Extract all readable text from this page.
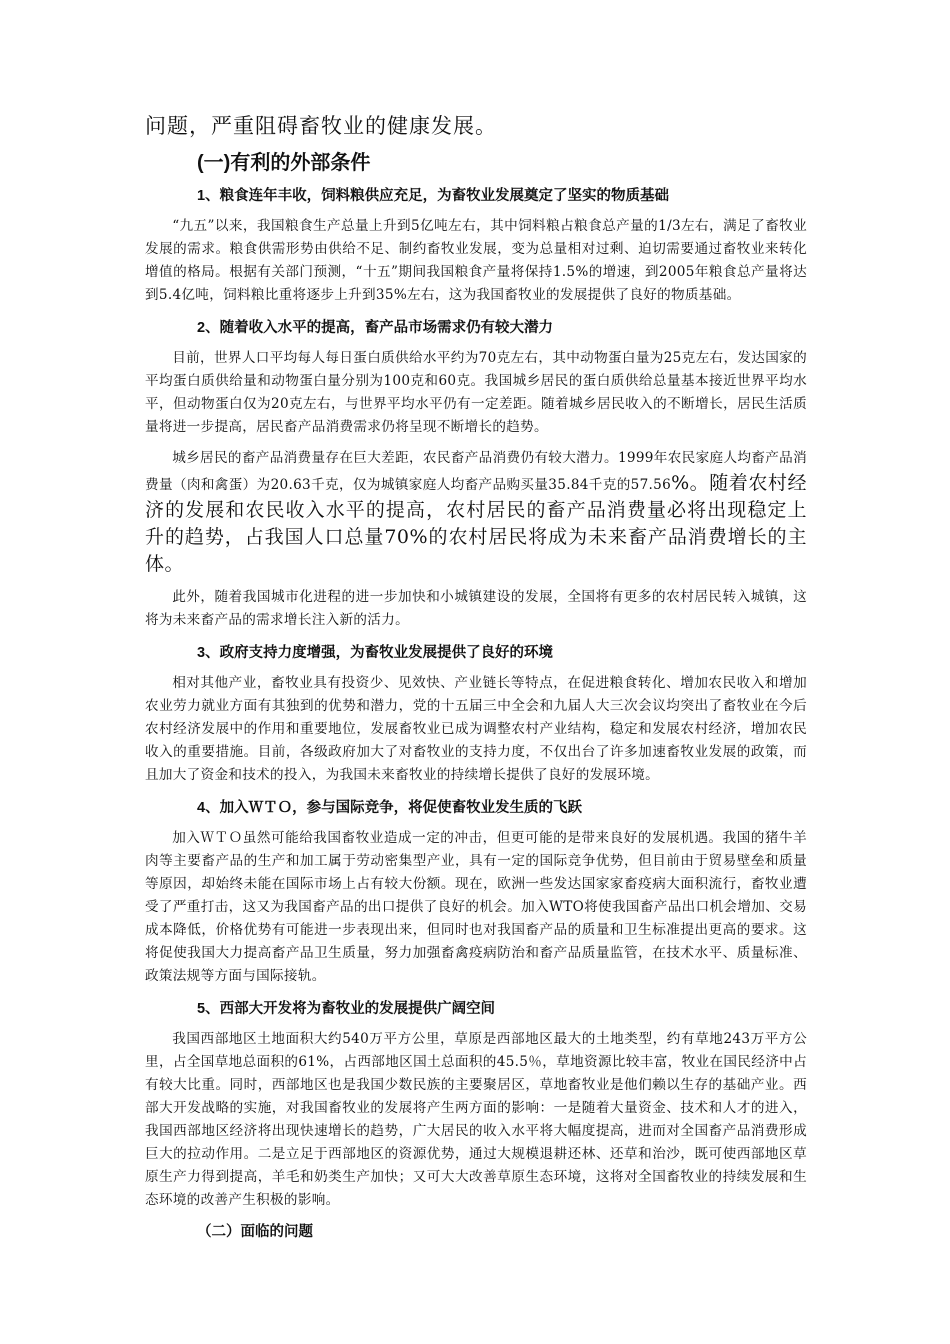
问题，严重阻碍畜牧业的健康发展。

(一)有利的外部条件
1、粮食连年丰收，饲料粮供应充足，为畜牧业发展奠定了坚实的物质基础

“九五”以来，我国粮食生产总量上升到5亿吨左右，其中饲料粮占粮食总产量的1/3左右，满足了畜牧业发展的需求。粮食供需形势由供给不足、制约畜牧业发展，变为总量相对过剩、迫切需要通过畜牧业来转化增值的格局。根据有关部门预测，“十五”期间我国粮食产量将保持1.5%的增速，到2005年粮食总产量将达到5.4亿吨，饲料粮比重将逐步上升到35%左右，这为我国畜牧业的发展提供了良好的物质基础。

2、随着收入水平的提高，畜产品市场需求仍有较大潜力

目前，世界人口平均每人每日蛋白质供给水平约为70克左右，其中动物蛋白量为25克左右，发达国家的平均蛋白质供给量和动物蛋白量分别为100克和60克。我国城乡居民的蛋白质供给总量基本接近世界平均水平，但动物蛋白仅为20克左右，与世界平均水平仍有一定差距。随着城乡居民收入的不断增长，居民生活质量将进一步提高，居民畜产品消费需求仍将呈现不断增长的趋势。

城乡居民的畜产品消费量存在巨大差距，农民畜产品消费仍有较大潜力。1999年农民家庭人均畜产品消费量（肉和禽蛋）为20.63千克，仅为城镇家庭人均畜产品购买量35.84千克的57.56%。随着农村经济的发展和农民收入水平的提高，农村居民的畜产品消费量必将出现稳定上升的趋势，占我国人口总量70%的农村居民将成为未来畜产品消费增长的主体。

此外，随着我国城市化进程的进一步加快和小城镇建设的发展，全国将有更多的农村居民转入城镇，这将为未来畜产品的需求增长注入新的活力。

3、政府支持力度增强，为畜牧业发展提供了良好的环境

相对其他产业，畜牧业具有投资少、见效快、产业链长等特点，在促进粮食转化、增加农民收入和增加农业劳力就业方面有其独到的优势和潜力，党的十五届三中全会和九届人大三次会议均突出了畜牧业在今后农村经济发展中的作用和重要地位，发展畜牧业已成为调整农村产业结构，稳定和发展农村经济，增加农民收入的重要措施。目前，各级政府加大了对畜牧业的支持力度，不仅出台了许多加速畜牧业发展的政策，而且加大了资金和技术的投入，为我国未来畜牧业的持续增长提供了良好的发展环境。

4、加入ＷＴＯ，参与国际竞争，将促使畜牧业发生质的飞跃

加入ＷＴＯ虽然可能给我国畜牧业造成一定的冲击，但更可能的是带来良好的发展机遇。我国的猪牛羊肉等主要畜产品的生产和加工属于劳动密集型产业，具有一定的国际竞争优势，但目前由于贸易壁垒和质量等原因，却始终未能在国际市场上占有较大份额。现在，欧洲一些发达国家家畜疫病大面积流行，畜牧业遭受了严重打击，这又为我国畜产品的出口提供了良好的机会。加入WTO将使我国畜产品出口机会增加、交易成本降低，价格优势有可能进一步表现出来，但同时也对我国畜产品的质量和卫生标准提出更高的要求。这将促使我国大力提高畜产品卫生质量，努力加强畜禽疫病防治和畜产品质量监管，在技术水平、质量标准、政策法规等方面与国际接轨。

5、西部大开发将为畜牧业的发展提供广阔空间

我国西部地区土地面积大约540万平方公里，草原是西部地区最大的土地类型，约有草地243万平方公里，占全国草地总面积的61%，占西部地区国土总面积的45.5％，草地资源比较丰富，牧业在国民经济中占有较大比重。同时，西部地区也是我国少数民族的主要聚居区，草地畜牧业是他们赖以生存的基础产业。西部大开发战略的实施，对我国畜牧业的发展将产生两方面的影响：一是随着大量资金、技术和人才的进入，我国西部地区经济将出现快速增长的趋势，广大居民的收入水平将大幅度提高，进而对全国畜产品消费形成巨大的拉动作用。二是立足于西部地区的资源优势，通过大规模退耕还林、还草和治沙，既可使西部地区草原生产力得到提高，羊毛和奶类生产加快；又可大大改善草原生态环境，这将对全国畜牧业的持续发展和生态环境的改善产生积极的影响。

（二）面临的问题
